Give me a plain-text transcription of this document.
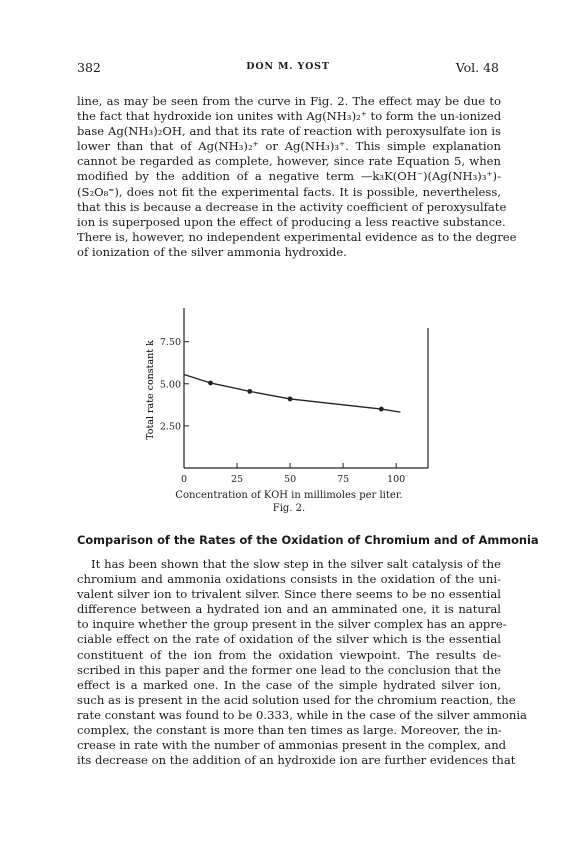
382	DON M. YOST	Vol. 48
line, as may be seen from the curve in Fig. 2. The effect may be due to
the fact that hydroxide ion unites with Ag(NH₃)₂⁺ to form the un-ionized
base Ag(NH₃)₂OH, and that its rate of reaction with peroxysulfate ion is
lower than that of Ag(NH₃)₂⁺ or Ag(NH₃)₃⁺. This simple explanation
cannot be regarded as complete, however, since rate Equation 5, when
modified by the addition of a negative term —k₃K(OH⁻)(Ag(NH₃)₃⁺)-
(S₂O₈⁼), does not fit the experimental facts. It is possible, nevertheless,
that this is because a decrease in the activity coefficient of peroxysulfate
ion is superposed upon the effect of producing a less reactive substance.
There is, however, no independent experimental evidence as to the degree
of ionization of the silver ammonia hydroxide.
0	25	50	75	100
2.50
5.00
7.50
Total rate constant k
Concentration of KOH in millimoles per liter.
Fig. 2.
Comparison of the Rates of the Oxidation of Chromium and of Ammonia
It has been shown that the slow step in the silver salt catalysis of the
chromium and ammonia oxidations consists in the oxidation of the uni-
valent silver ion to trivalent silver. Since there seems to be no essential
difference between a hydrated ion and an amminated one, it is natural
to inquire whether the group present in the silver complex has an appre-
ciable effect on the rate of oxidation of the silver which is the essential
constituent of the ion from the oxidation viewpoint. The results de-
scribed in this paper and the former one lead to the conclusion that the
effect is a marked one. In the case of the simple hydrated silver ion,
such as is present in the acid solution used for the chromium reaction, the
rate constant was found to be 0.333, while in the case of the silver ammonia
complex, the constant is more than ten times as large. Moreover, the in-
crease in rate with the number of ammonias present in the complex, and
its decrease on the addition of an hydroxide ion are further evidences that
